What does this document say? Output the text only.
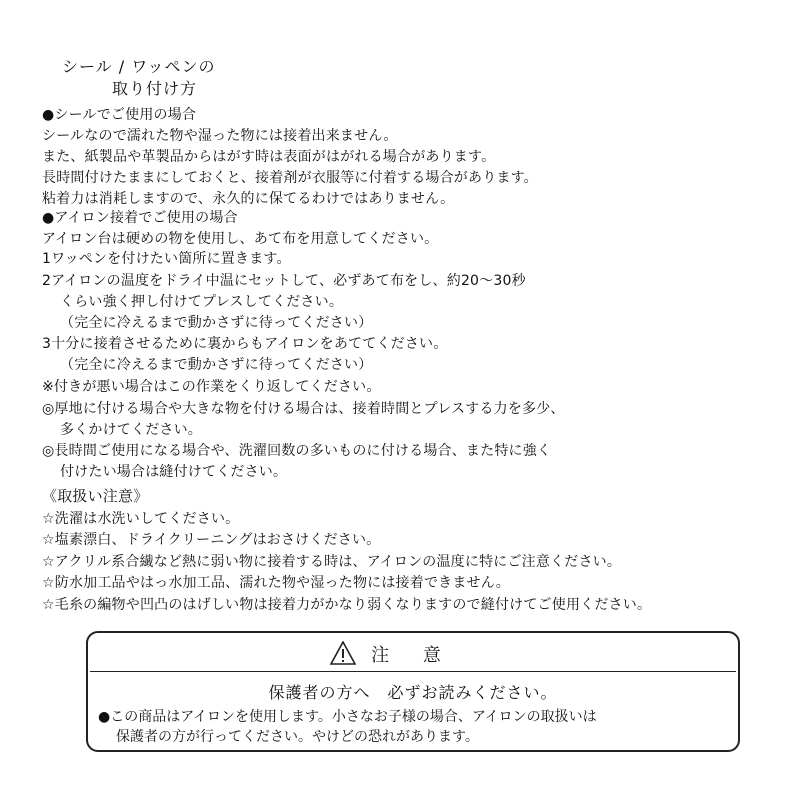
シール / ワッペンの
取り付け方
●シールでご使用の場合
シールなので濡れた物や湿った物には接着出来ません。
また、紙製品や革製品からはがす時は表面がはがれる場合があります。
長時間付けたままにしておくと、接着剤が衣服等に付着する場合があります。
粘着力は消耗しますので、永久的に保てるわけではありません。
●アイロン接着でご使用の場合
アイロン台は硬めの物を使用し、あて布を用意してください。
1ワッペンを付けたい箇所に置きます。
2アイロンの温度をドライ中温にセットして、必ずあて布をし、約20〜30秒
くらい強く押し付けてプレスしてください。
（完全に冷えるまで動かさずに待ってください）
3十分に接着させるために裏からもアイロンをあててください。
（完全に冷えるまで動かさずに待ってください）
※付きが悪い場合はこの作業をくり返してください。
◎厚地に付ける場合や大きな物を付ける場合は、接着時間とプレスする力を多少、
多くかけてください。
◎長時間ご使用になる場合や、洗濯回数の多いものに付ける場合、また特に強く
付けたい場合は縫付けてください。
《取扱い注意》
☆洗濯は水洗いしてください。
☆塩素漂白、ドライクリーニングはおさけください。
☆アクリル系合繊など熱に弱い物に接着する時は、アイロンの温度に特にご注意ください。
☆防水加工品やはっ水加工品、濡れた物や湿った物には接着できません。
☆毛糸の編物や凹凸のはげしい物は接着力がかなり弱くなりますので縫付けてご使用ください。
注 意
保護者の方へ　必ずお読みください。
●この商品はアイロンを使用します。小さなお子様の場合、アイロンの取扱いは
保護者の方が行ってください。やけどの恐れがあります。
